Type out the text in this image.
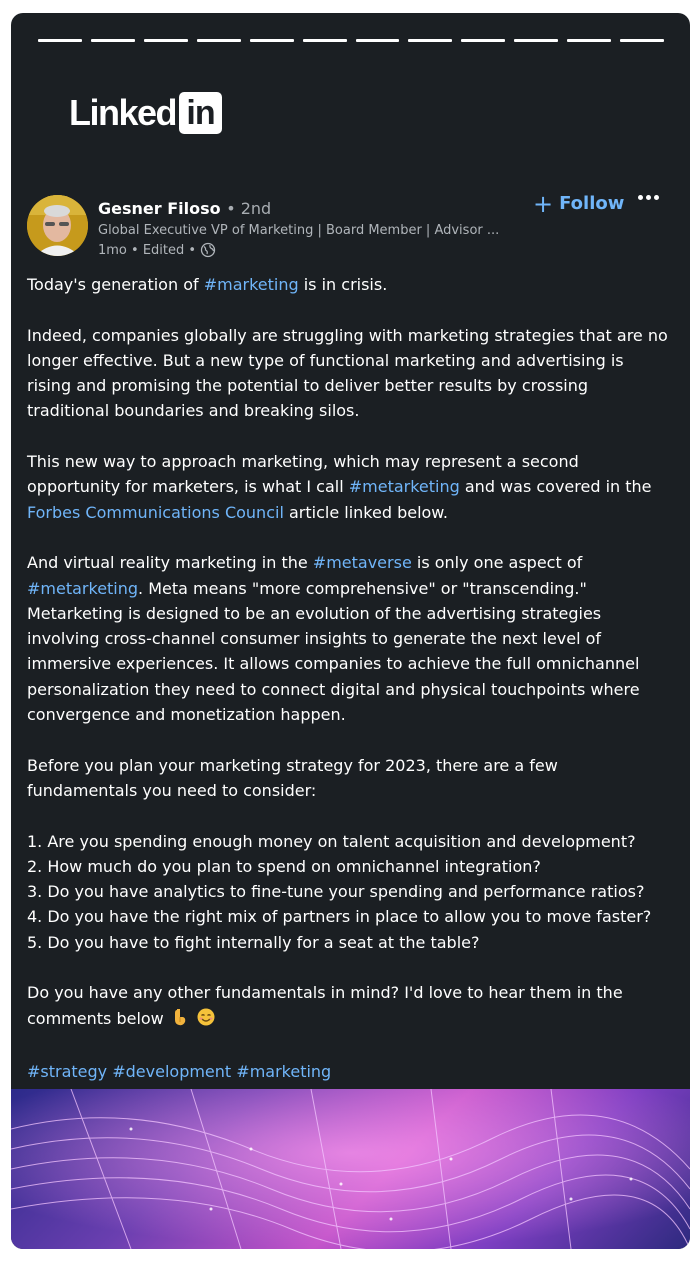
Linked in
Gesner Filoso • 2nd
Global Executive VP of Marketing | Board Member | Advisor ...
1mo • Edited •
+ Follow

Today's generation of #marketing is in crisis.

Indeed, companies globally are struggling with marketing strategies that are no longer effective. But a new type of functional marketing and advertising is rising and promising the potential to deliver better results by crossing traditional boundaries and breaking silos.

This new way to approach marketing, which may represent a second opportunity for marketers, is what I call #metarketing and was covered in the Forbes Communications Council article linked below.

And virtual reality marketing in the #metaverse is only one aspect of #metarketing. Meta means "more comprehensive" or "transcending." Metarketing is designed to be an evolution of the advertising strategies involving cross-channel consumer insights to generate the next level of immersive experiences. It allows companies to achieve the full omnichannel personalization they need to connect digital and physical touchpoints where convergence and monetization happen.

Before you plan your marketing strategy for 2023, there are a few fundamentals you need to consider:

1. Are you spending enough money on talent acquisition and development?
2. How much do you plan to spend on omnichannel integration?
3. Do you have analytics to fine-tune your spending and performance ratios?
4. Do you have the right mix of partners in place to allow you to move faster?
5. Do you have to fight internally for a seat at the table?

Do you have any other fundamentals in mind? I'd love to hear them in the comments below

#strategy #development #marketing
